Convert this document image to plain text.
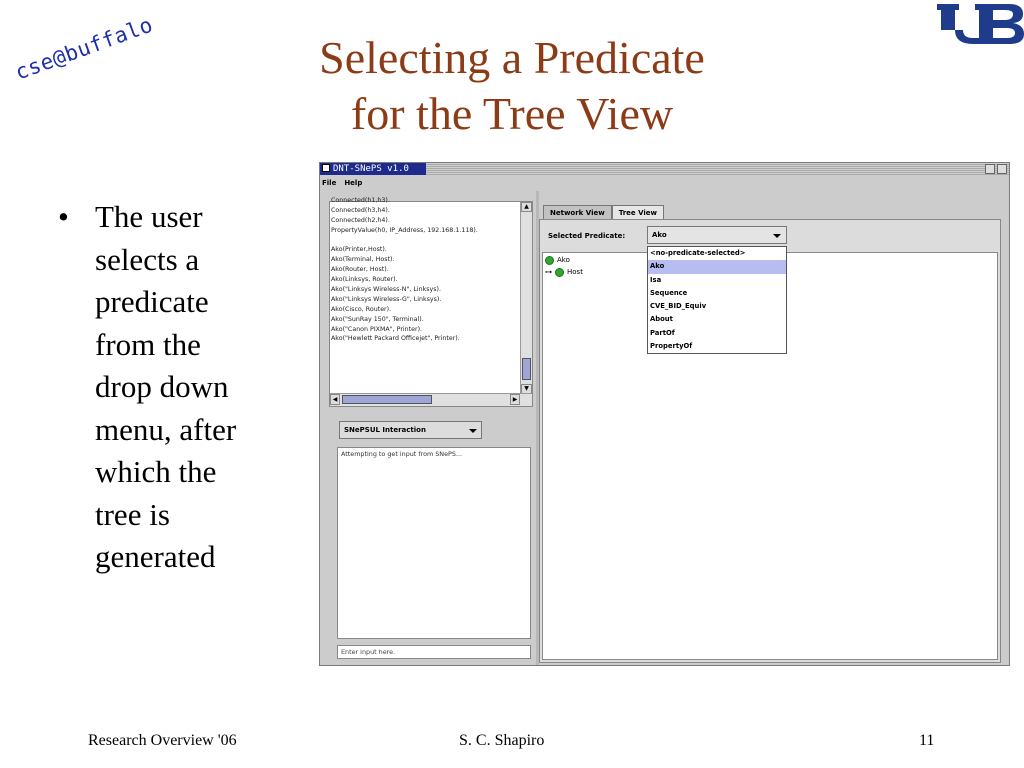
cse@buffalo	Selecting a Predicate
for the Tree View
• The user
selects a
predicate
from the
drop down
menu, after
which the
tree is
generated
DNT-SNePS v1.0
File Help
Connected(h1,h3).
Connected(h3,h4).
Connected(h2,h4).
PropertyValue(h0, IP_Address, 192.168.1.118).
Ako(Printer,Host).
Ako(Terminal, Host).
Ako(Router, Host).
Ako(Linksys, Router).
Ako("Linksys Wireless-N", Linksys).
Ako("Linksys Wireless-G", Linksys).
Ako(Cisco, Router).
Ako("SunRay 150", Terminal).
Ako("Canon PIXMA", Printer).
Ako("Hewlett Packard Officejet", Printer).
▲
▼
◀	▶
SNePSUL Interaction
Attempting to get input from SNePS...
Enter input here.
Network View	Tree View
Selected Predicate:	Ako
Ako
⊶ Host
<no-predicate-selected>
Ako
Isa
Sequence
CVE_BID_Equiv
About
PartOf
PropertyOf
Research Overview '06	S. C. Shapiro	11
